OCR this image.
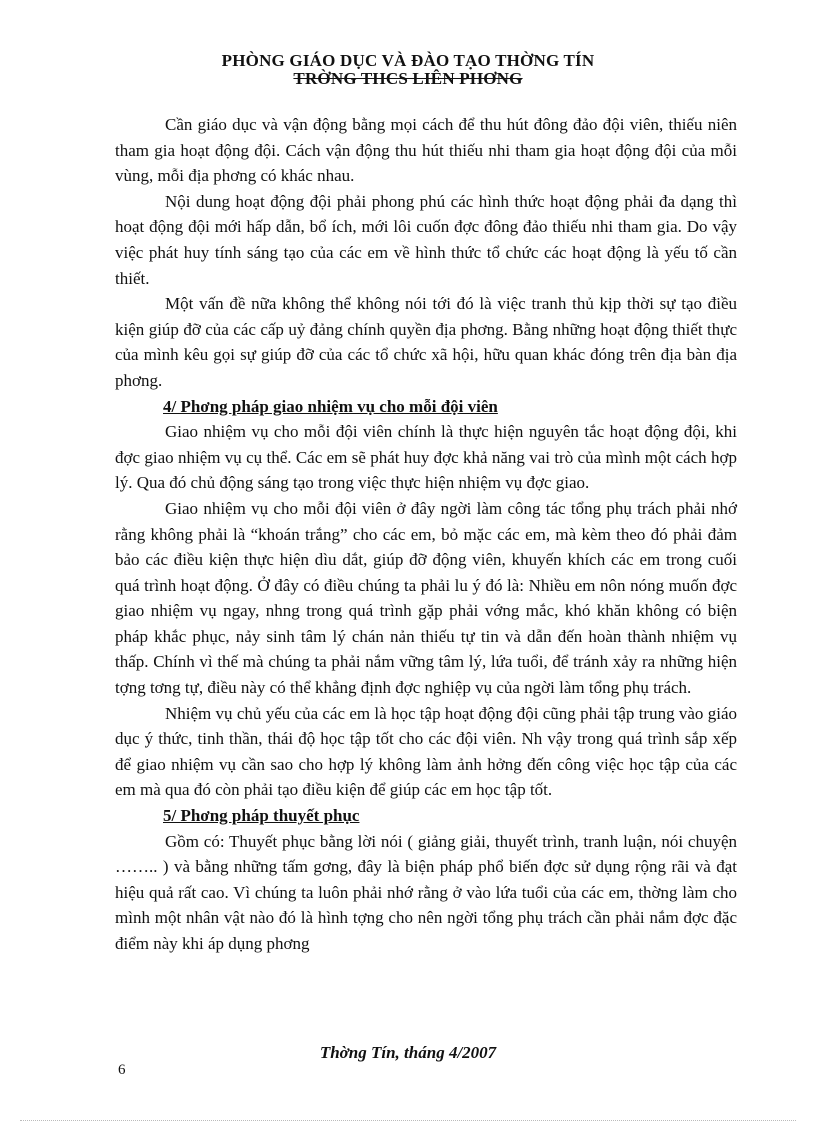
PHÒNG GIÁO DỤC VÀ ĐÀO TẠO THỜNG TÍN
TRỜNG THCS LIÊN PHƠNG

Cần giáo dục và vận động bằng mọi cách để thu hút đông đảo đội viên, thiếu niên tham gia hoạt động đội. Cách vận động thu hút thiếu nhi tham gia hoạt động đội của mỗi vùng, mỗi địa phơng có khác nhau.

Nội dung hoạt động đội phải phong phú các hình thức hoạt động phải đa dạng thì hoạt động đội mới hấp dẫn, bổ ích, mới lôi cuốn đợc đông đảo thiếu nhi tham gia. Do vậy việc phát huy tính sáng tạo của các em về hình thức tổ chức các hoạt động là yếu tố cần thiết.

Một vấn đề nữa không thể không nói tới đó là việc tranh thủ kịp thời sự tạo điều kiện giúp đỡ của các cấp uỷ đảng chính quyền địa phơng. Bằng những hoạt động thiết thực của mình kêu gọi sự giúp đỡ của các tổ chức xã hội, hữu quan khác đóng trên địa bàn địa phơng.

4/ Phơng pháp giao nhiệm vụ cho mỗi đội viên

Giao nhiệm vụ cho mỗi đội viên chính là thực hiện nguyên tắc hoạt động đội, khi đợc giao nhiệm vụ cụ thể. Các em sẽ phát huy đợc khả năng vai trò của mình một cách hợp lý. Qua đó chủ động sáng tạo trong việc thực hiện nhiệm vụ đợc giao.

Giao nhiệm vụ cho mỗi đội viên ở đây ngời làm công tác tổng phụ trách phải nhớ rằng không phải là “khoán trắng” cho các em, bỏ mặc các em, mà kèm theo đó phải đảm bảo các điều kiện thực hiện dìu dắt, giúp đỡ động viên, khuyến khích các em trong cuối quá trình hoạt động. Ở đây có điều chúng ta phải lu ý đó là: Nhiều em nôn nóng muốn đợc giao nhiệm vụ ngay, nhng trong quá trình gặp phải vớng mắc, khó khăn không có biện pháp khắc phục, nảy sinh tâm lý chán nản thiếu tự tin và dẫn đến hoàn thành nhiệm vụ thấp. Chính vì thế mà chúng ta phải nắm vững tâm lý, lứa tuổi, để tránh xảy ra những hiện tợng tơng tự, điều này có thể khẳng định đợc nghiệp vụ của ngời làm tổng phụ trách.

Nhiệm vụ chủ yếu của các em là học tập hoạt động đội cũng phải tập trung vào giáo dục ý thức, tinh thần, thái độ học tập tốt cho các đội viên. Nh vậy trong quá trình sắp xếp để giao nhiệm vụ cần sao cho hợp lý không làm ảnh hởng đến công việc học tập của các em mà qua đó còn phải tạo điều kiện để giúp các em học tập tốt.

5/ Phơng pháp thuyết phục

Gồm có: Thuyết phục bằng lời nói ( giảng giải, thuyết trình, tranh luận, nói chuyện …….. ) và bằng những tấm gơng, đây là biện pháp phổ biến đợc sử dụng rộng rãi và đạt hiệu quả rất cao. Vì chúng ta luôn phải nhớ rằng ở vào lứa tuổi của các em, thờng làm cho mình một nhân vật nào đó là hình tợng cho nên ngời tổng phụ trách cần phải nắm đợc đặc điểm này khi áp dụng phơng

Thờng Tín, tháng 4/2007
6
